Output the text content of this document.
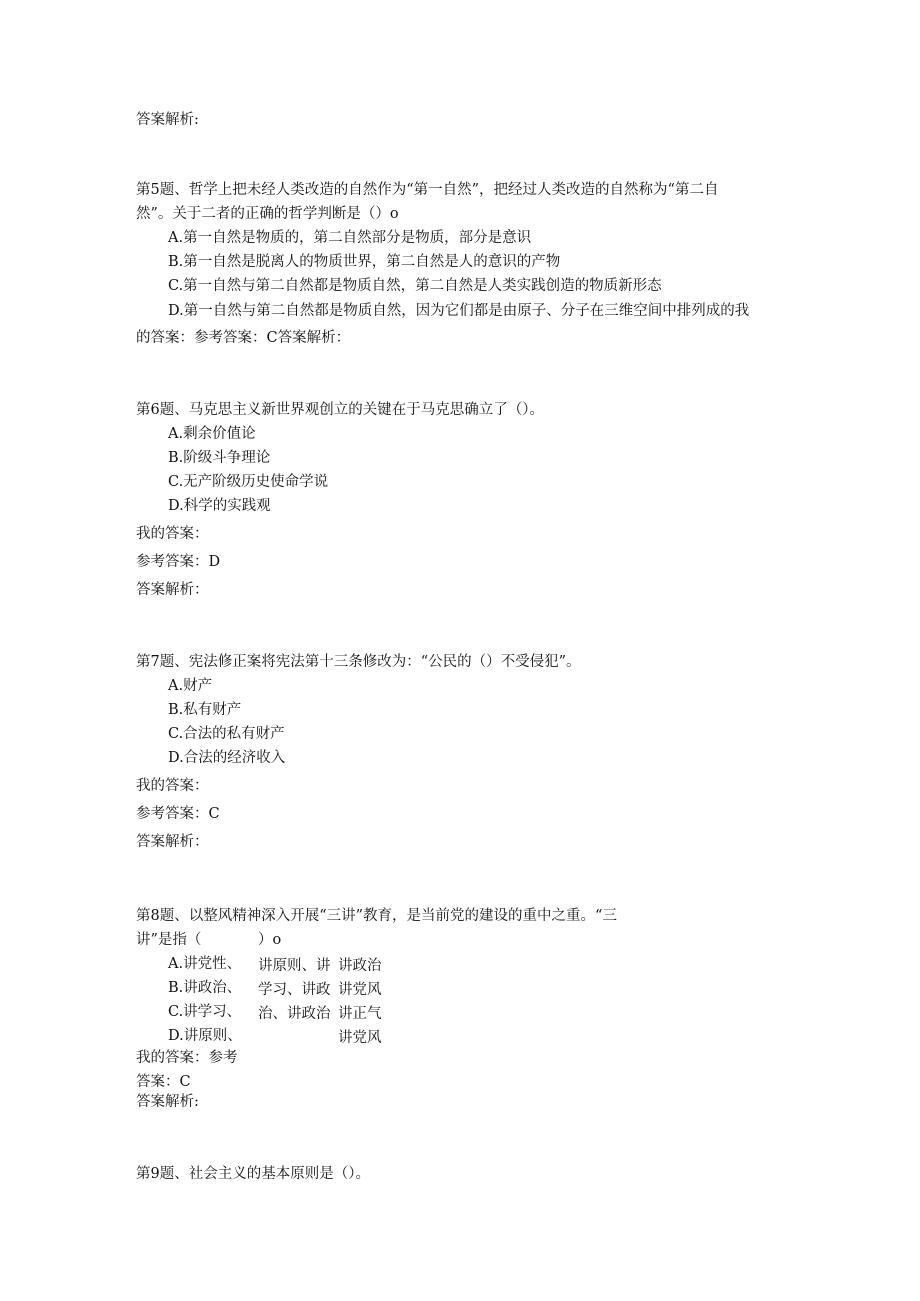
答案解析:
第5题、哲学上把未经人类改造的自然作为“第一自然”，把经过人类改造的自然称为“第二自
然”。关于二者的正确的哲学判断是（）o
A.第一自然是物质的，第二自然部分是物质，部分是意识
B.第一自然是脱离人的物质世界，第二自然是人的意识的产物
C.第一自然与第二自然都是物质自然，第二自然是人类实践创造的物质新形态
D.第一自然与第二自然都是物质自然，因为它们都是由原子、分子在三维空间中排列成的我
的答案：参考答案：C答案解析：
第6题、马克思主义新世界观创立的关键在于马克思确立了（）。
A.剩余价值论
B.阶级斗争理论
C.无产阶级历史使命学说
D.科学的实践观
我的答案：
参考答案：D
答案解析：
第7题、宪法修正案将宪法第十三条修改为：“公民的（）不受侵犯”。
A.财产
B.私有财产
C.合法的私有财产
D.合法的经济收入
我的答案：
参考答案：C
答案解析：
第8题、以整风精神深入开展“三讲”教育，是当前党的建设的重中之重。“三
讲”是指（	）o
A.讲党性、
B.讲政治、
C.讲学习、
D.讲原则、
讲原则、讲
学习、讲政
治、讲政治
讲政治
讲党风
讲正气
讲党风
我的答案：参考
答案：C
答案解析:
第9题、社会主义的基本原则是（）。
